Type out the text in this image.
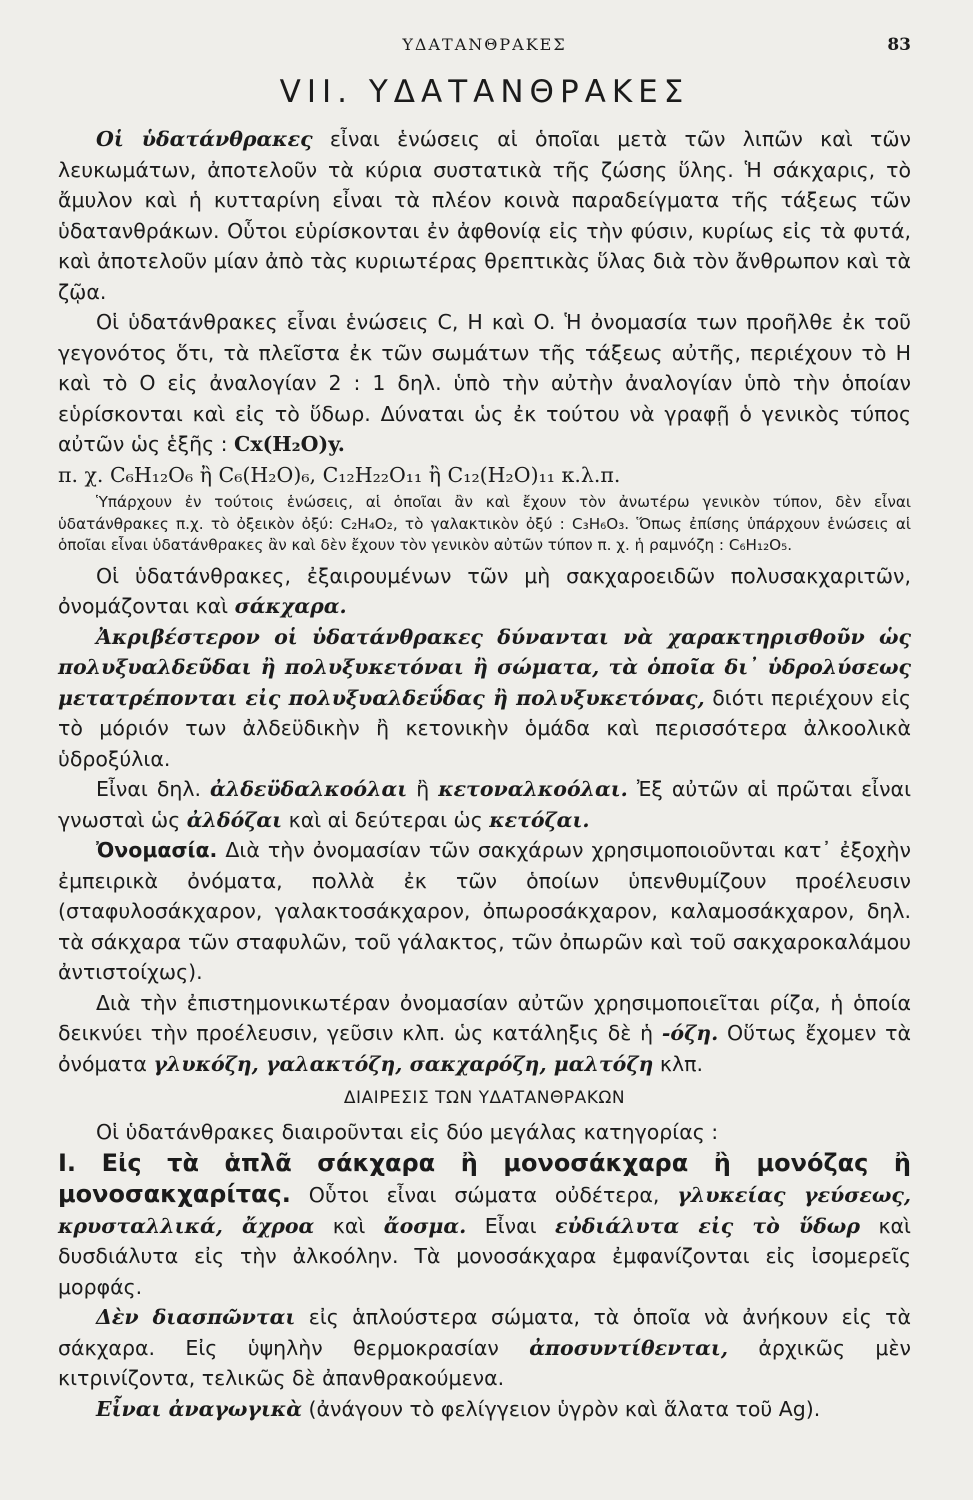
ΥΔΑΤΑΝΘΡΑΚΕΣ	83
VII. ΥΔΑΤΑΝΘΡΑΚΕΣ

Οἱ ὑδατάνθρακες εἶναι ἑνώσεις αἱ ὁποῖαι μετὰ τῶν λιπῶν καὶ τῶν λευκωμάτων, ἀποτελοῦν τὰ κύρια συστατικὰ τῆς ζώσης ὕλης. Ἡ σάκχαρις, τὸ ἄμυλον καὶ ἡ κυτταρίνη εἶναι τὰ πλέον κοινὰ παραδείγματα τῆς τάξεως τῶν ὑδατανθράκων. Οὗτοι εὑρίσκονται ἐν ἀφθονίᾳ εἰς τὴν φύσιν, κυρίως εἰς τὰ φυτά, καὶ ἀποτελοῦν μίαν ἀπὸ τὰς κυριωτέρας θρεπτικὰς ὕλας διὰ τὸν ἄνθρωπον καὶ τὰ ζῷα.

Οἱ ὑδατάνθρακες εἶναι ἑνώσεις C, H καὶ O. Ἡ ὀνομασία των προῆλθε ἐκ τοῦ γεγονότος ὅτι, τὰ πλεῖστα ἐκ τῶν σωμάτων τῆς τάξεως αὐτῆς, περιέχουν τὸ H καὶ τὸ O εἰς ἀναλογίαν 2 : 1 δηλ. ὑπὸ τὴν αὐτὴν ἀναλογίαν ὑπὸ τὴν ὁποίαν εὑρίσκονται καὶ εἰς τὸ ὕδωρ. Δύναται ὡς ἐκ τούτου νὰ γραφῇ ὁ γενικὸς τύπος αὐτῶν ὡς ἑξῆς : Cx(H₂O)y.

π. χ. C₆H₁₂O₆ ἢ C₆(H₂O)₆, C₁₂H₂₂O₁₁ ἢ C₁₂(H₂O)₁₁ κ.λ.π.

Ὑπάρχουν ἐν τούτοις ἑνώσεις, αἱ ὁποῖαι ἂν καὶ ἔχουν τὸν ἀνωτέρω γενικὸν τύπον, δὲν εἶναι ὑδατάνθρακες π.χ. τὸ ὀξεικὸν ὀξύ: C₂H₄O₂, τὸ γαλακτικὸν ὀξύ : C₃H₆O₃. Ὅπως ἐπίσης ὑπάρχουν ἑνώσεις αἱ ὁποῖαι εἶναι ὑδατάνθρακες ἂν καὶ δὲν ἔχουν τὸν γενικὸν αὐτῶν τύπον π. χ. ἡ ραμνόζη : C₆H₁₂O₅.

Οἱ ὑδατάνθρακες, ἐξαιρουμένων τῶν μὴ σακχαροειδῶν πολυσακχαριτῶν, ὀνομάζονται καὶ σάκχαρα.

Ἀκριβέστερον οἱ ὑδατάνθρακες δύνανται νὰ χαρακτηρισθοῦν ὡς πολυξυαλδεῦδαι ἢ πολυξυκετόναι ἢ σώματα, τὰ ὁποῖα δι᾿ ὑδρολύσεως μετατρέπονται εἰς πολυξυαλδεΰδας ἢ πολυξυκετόνας, διότι περιέχουν εἰς τὸ μόριόν των ἀλδεϋδικὴν ἢ κετονικὴν ὁμάδα καὶ περισσότερα ἀλκοολικὰ ὑδροξύλια.

Εἶναι δηλ. ἀλδεϋδαλκοόλαι ἢ κετοναλκοόλαι. Ἐξ αὐτῶν αἱ πρῶται εἶναι γνωσταὶ ὡς ἀλδόζαι καὶ αἱ δεύτεραι ὡς κετόζαι.

Ὀνομασία. Διὰ τὴν ὀνομασίαν τῶν σακχάρων χρησιμοποιοῦνται κατ᾿ ἐξοχὴν ἐμπειρικὰ ὀνόματα, πολλὰ ἐκ τῶν ὁποίων ὑπενθυμίζουν προέλευσιν (σταφυλοσάκχαρον, γαλακτοσάκχαρον, ὀπωροσάκχαρον, καλαμοσάκχαρον, δηλ. τὰ σάκχαρα τῶν σταφυλῶν, τοῦ γάλακτος, τῶν ὀπωρῶν καὶ τοῦ σακχαροκαλάμου ἀντιστοίχως).

Διὰ τὴν ἐπιστημονικωτέραν ὀνομασίαν αὐτῶν χρησιμοποιεῖται ρίζα, ἡ ὁποία δεικνύει τὴν προέλευσιν, γεῦσιν κλπ. ὡς κατάληξις δὲ ἡ -όζη. Οὕτως ἔχομεν τὰ ὀνόματα γλυκόζη, γαλακτόζη, σακχαρόζη, μαλτόζη κλπ.

ΔΙΑΙΡΕΣΙΣ ΤΩΝ ΥΔΑΤΑΝΘΡΑΚΩΝ

Οἱ ὑδατάνθρακες διαιροῦνται εἰς δύο μεγάλας κατηγορίας :

I. Εἰς τὰ ἁπλᾶ σάκχαρα ἢ μονοσάκχαρα ἢ μονόζας ἢ μονοσακχαρίτας. Οὗτοι εἶναι σώματα οὐδέτερα, γλυκείας γεύσεως, κρυσταλλικά, ἄχροα καὶ ἄοσμα. Εἶναι εὐδιάλυτα εἰς τὸ ὕδωρ καὶ δυσδιάλυτα εἰς τὴν ἀλκοόλην. Τὰ μονοσάκχαρα ἐμφανίζονται εἰς ἰσομερεῖς μορφάς.

Δὲν διασπῶνται εἰς ἁπλούστερα σώματα, τὰ ὁποῖα νὰ ἀνήκουν εἰς τὰ σάκχαρα. Εἰς ὑψηλὴν θερμοκρασίαν ἀποσυντίθενται, ἀρχικῶς μὲν κιτρινίζοντα, τελικῶς δὲ ἀπανθρακούμενα.

Εἶναι ἀναγωγικὰ (ἀνάγουν τὸ φελίγγειον ὑγρὸν καὶ ἅλατα τοῦ Ag).
